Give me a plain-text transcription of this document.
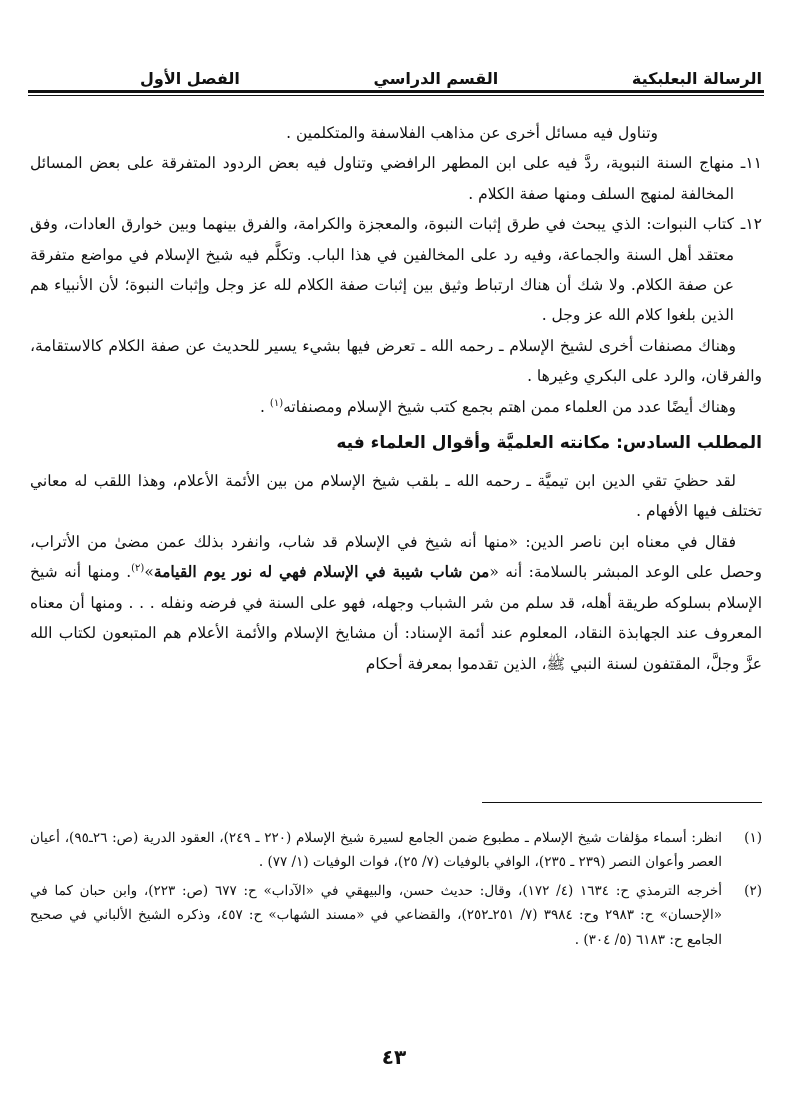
الرسالة البعلبكية
القسم الدراسي
الفصل الأول

وتناول فيه مسائل أخرى عن مذاهب الفلاسفة والمتكلمين .

١١ـ
منهاج السنة النبوية، ردَّ فيه على ابن المطهر الرافضي وتناول فيه بعض الردود المتفرقة على بعض المسائل المخالفة لمنهج السلف ومنها صفة الكلام .
١٢ـ
كتاب النبوات: الذي يبحث في طرق إثبات النبوة، والمعجزة والكرامة، والفرق بينهما وبين خوارق العادات، وفق معتقد أهل السنة والجماعة، وفيه رد على المخالفين في هذا الباب. وتكلَّم فيه شيخ الإسلام في مواضع متفرقة عن صفة الكلام. ولا شك أن هناك ارتباط وثيق بين إثبات صفة الكلام لله عز وجل وإثبات النبوة؛ لأن الأنبياء هم الذين بلغوا كلام الله عز وجل .

وهناك مصنفات أخرى لشيخ الإسلام ـ رحمه الله ـ تعرض فيها بشيء يسير للحديث عن صفة الكلام كالاستقامة، والفرقان، والرد على البكري وغيرها .

وهناك أيضًا عدد من العلماء ممن اهتم بجمع كتب شيخ الإسلام ومصنفاته$^{(١)}$ .

المطلب السادس: مكانته العلميَّة وأقوال العلماء فيه

لقد حظيَ تقي الدين ابن تيميَّة ـ رحمه الله ـ بلقب شيخ الإسلام من بين الأئمة الأعلام، وهذا اللقب له معاني تختلف فيها الأفهام .

فقال في معناه ابن ناصر الدين: «منها أنه شيخ في الإسلام قد شاب، وانفرد بذلك عمن مضىٰ من الأتراب، وحصل على الوعد المبشر بالسلامة: أنه «من شاب شيبة في الإسلام فهي له نور يوم القيامة»$^{(٢)}$. ومنها أنه شيخ الإسلام بسلوكه طريقة أهله، قد سلم من شر الشباب وجهله، فهو على السنة في فرضه ونفله . . . ومنها أن معناه المعروف عند الجهابذة النقاد، المعلوم عند أئمة الإسناد: أن مشايخ الإسلام والأئمة الأعلام هم المتبعون لكتاب الله عزَّ وجلَّ، المقتفون لسنة النبي ﷺ، الذين تقدموا بمعرفة أحكام

(١)
انظر: أسماء مؤلفات شيخ الإسلام ـ مطبوع ضمن الجامع لسيرة شيخ الإسلام (٢٢٠ ـ ٢٤٩)، العقود الدرية (ص: ٢٦ـ٩٥)، أعيان العصر وأعوان النصر (٢٣٩ ـ ٢٣٥)، الوافي بالوفيات (٧/ ٢٥)، فوات الوفيات (١/ ٧٧) .
(٢)
أخرجه الترمذي ح: ١٦٣٤ (٤/ ١٧٢)، وقال: حديث حسن، والبيهقي في «الآداب» ح: ٦٧٧ (ص: ٢٢٣)، وابن حبان كما في «الإحسان» ح: ٢٩٨٣ وح: ٣٩٨٤ (٧/ ٢٥١ـ٢٥٢)، والقضاعي في «مسند الشهاب» ح: ٤٥٧، وذكره الشيخ الألباني في صحيح الجامع ح: ٦١٨٣ (٥/ ٣٠٤) .
٤٣
